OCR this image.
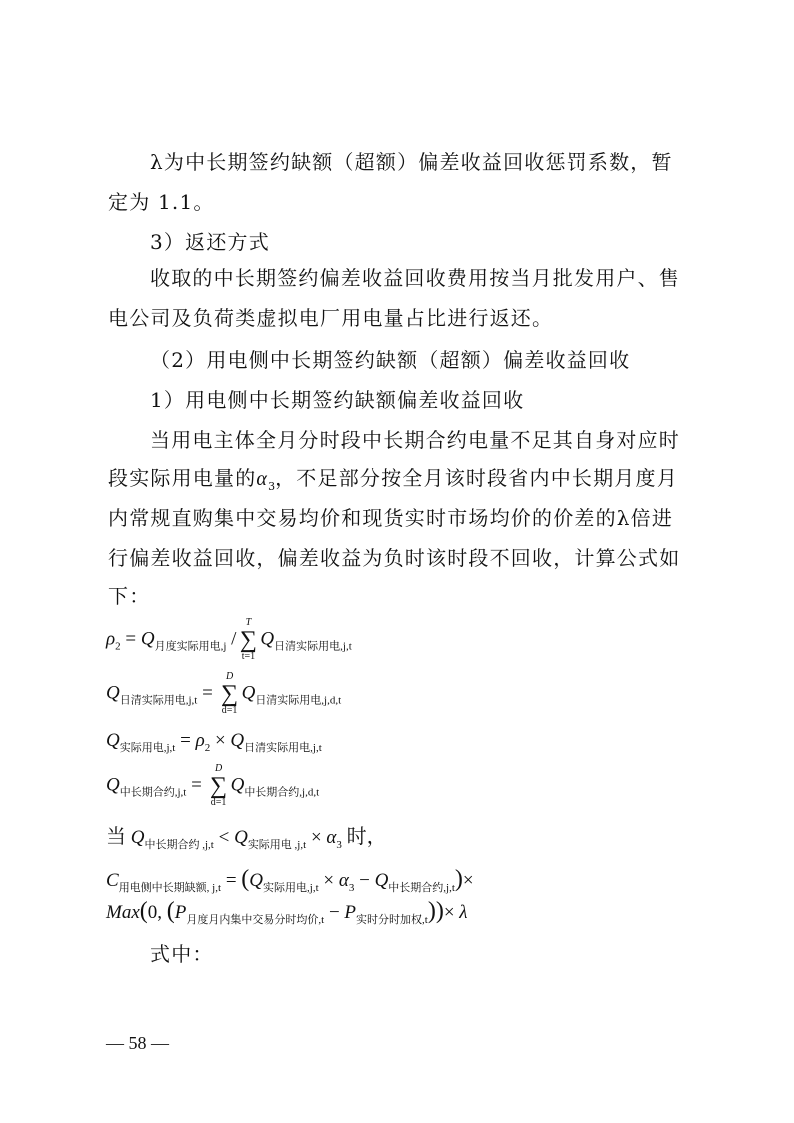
λ为中长期签约缺额（超额）偏差收益回收惩罚系数，暂
定为 1.1。
3）返还方式
收取的中长期签约偏差收益回收费用按当月批发用户、售
电公司及负荷类虚拟电厂用电量占比进行返还。
（2）用电侧中长期签约缺额（超额）偏差收益回收
1）用电侧中长期签约缺额偏差收益回收
当用电主体全月分时段中长期合约电量不足其自身对应时
段实际用电量的$\alpha_3$，不足部分按全月该时段省内中长期月度月
内常规直购集中交易均价和现货实时市场均价的价差的λ倍进
行偏差收益回收，偏差收益为负时该时段不回收，计算公式如
下：
$\rho_2 = Q_{月度实际用电,j}$ /
T
∑
t=1
$Q_{日清实际用电,j,t}$
$Q_{日清实际用电,j,t}$ =
D
∑
d=1
$Q_{日清实际用电,j,d,t}$
$Q_{实际用电,j,t} = \rho_2 \times Q_{日清实际用电,j,t}$
$Q_{中长期合约,j,t}$ =
D
∑
d=1
$Q_{中长期合约,j,d,t}$
当 $Q_{中长期合约 ,j,t} < Q_{实际用电 ,j,t} \times \alpha_3$ 时，
$C_{用电侧中长期缺额, j,t} = (Q_{实际用电,j,t} \times \alpha_3 - Q_{中长期合约,j,t})\times$
Max(0, $(P_{月度月内集中交易分时均价,t} - P_{实时分时加权,t}))\times \lambda$
式中：
— 58 —
